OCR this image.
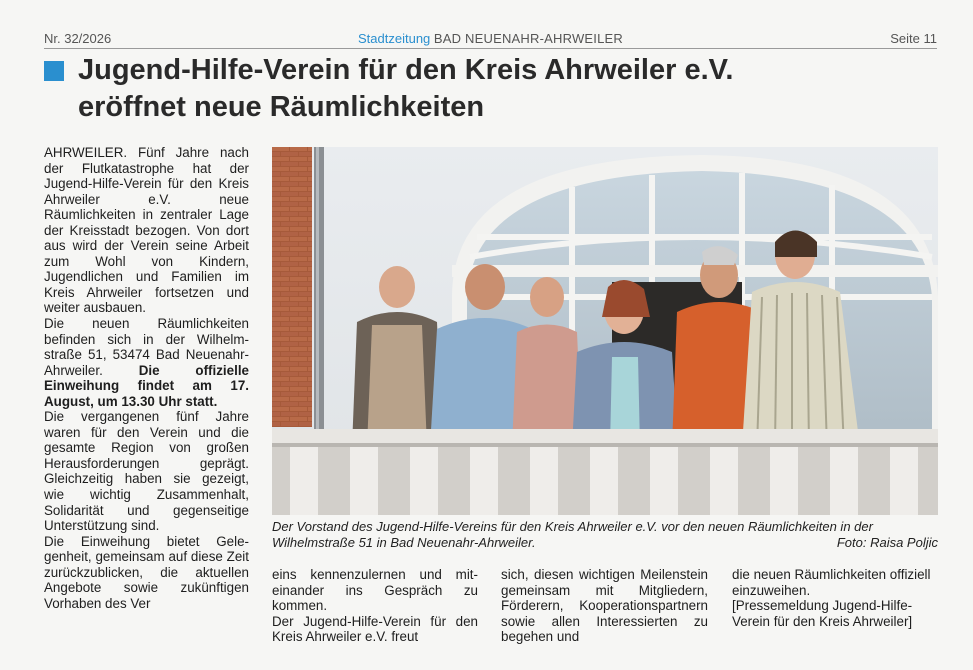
Nr. 32/2026	Stadtzeitung BAD NEUENAHR-AHRWEILER	Seite 11
Jugend-Hilfe-Verein für den Kreis Ahrweiler e.V.
eröffnet neue Räumlichkeiten

AHRWEILER. Fünf Jahre nach der Flutkatastrophe hat der Jugend-Hilfe-Verein für den Kreis Ahrweiler e.V. neue Räumlichkeiten in zentraler Lage der Kreisstadt bezogen. Von dort aus wird der Verein seine Arbeit zum Wohl von Kindern, Jugendlichen und Familien im Kreis Ahrweiler fortsetzen und weiter ausbauen.

Die neuen Räumlichkeiten befinden sich in der Wilhelmstraße 51, 53474 Bad Neuenahr-Ahrweiler. Die offizielle Einweihung findet am 17. August, um 13.30 Uhr statt.

Die vergangenen fünf Jahre waren für den Verein und die gesamte Region von großen Herausforderungen geprägt. Gleichzeitig haben sie gezeigt, wie wichtig Zusammenhalt, Solidarität und gegenseitige Unterstützung sind.

Die Einweihung bietet Gelegenheit, gemeinsam auf diese Zeit zurückzublicken, die aktuellen Angebote sowie zukünftigen Vorhaben des Ver

Der Vorstand des Jugend-Hilfe-Vereins für den Kreis Ahrweiler e.V. vor den neuen Räumlichkeiten in der Wilhelmstraße 51 in Bad Neuenahr-Ahrweiler.	Foto: Raisa Poljic

eins kennenzulernen und miteinander ins Gespräch zu kommen.

Der Jugend-Hilfe-Verein für den Kreis Ahrweiler e.V. freut

sich, diesen wichtigen Meilenstein gemeinsam mit Mitgliedern, Förderern, Kooperationspartnern sowie allen Interessierten zu begehen und

die neuen Räumlichkeiten offiziell einzuweihen.

[Pressemeldung Jugend-Hilfe-Verein für den Kreis Ahrweiler]
